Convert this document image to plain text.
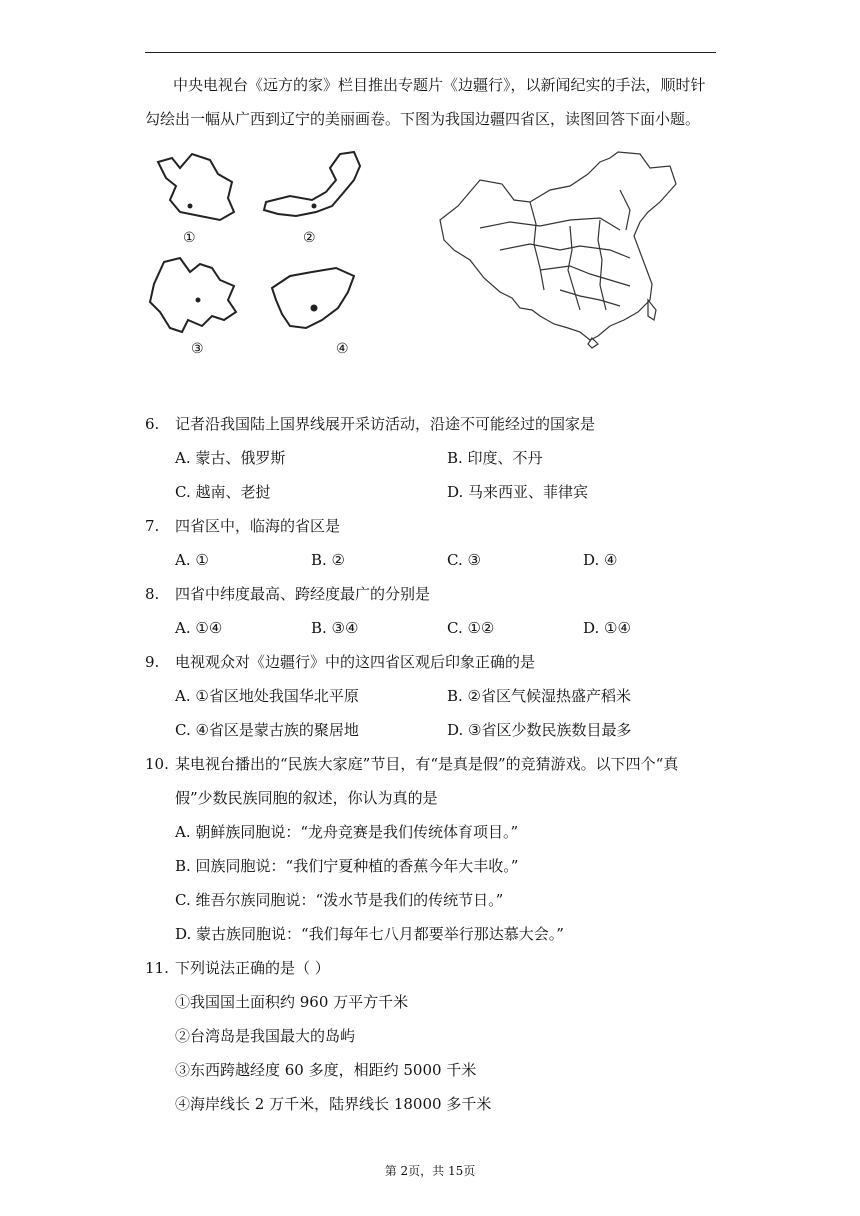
中央电视台《远方的家》栏目推出专题片《边疆行》，以新闻纪实的手法，顺时针勾绘出一幅从广西到辽宁的美丽画卷。下图为我国边疆四省区，读图回答下面小题。
①	②
③	④
6. 记者沿我国陆上国界线展开采访活动，沿途不可能经过的国家是
A. 蒙古、俄罗斯	B. 印度、不丹
C. 越南、老挝	D. 马来西亚、菲律宾
7. 四省区中，临海的省区是
A. ①	B. ②	C. ③	D. ④
8. 四省中纬度最高、跨经度最广的分别是
A. ①④	B. ③④	C. ①②	D. ①④
9. 电视观众对《边疆行》中的这四省区观后印象正确的是
A. ①省区地处我国华北平原	B. ②省区气候湿热盛产稻米
C. ④省区是蒙古族的聚居地	D. ③省区少数民族数目最多
10. 某电视台播出的“民族大家庭”节目，有“是真是假”的竞猜游戏。以下四个“真
假”少数民族同胞的叙述，你认为真的是
A. 朝鲜族同胞说：“龙舟竞赛是我们传统体育项目。”
B. 回族同胞说：“我们宁夏种植的香蕉今年大丰收。”
C. 维吾尔族同胞说：“泼水节是我们的传统节日。”
D. 蒙古族同胞说：“我们每年七八月都要举行那达慕大会。”
11. 下列说法正确的是（ ）
①我国国土面积约 960 万平方千米
②台湾岛是我国最大的岛屿
③东西跨越经度 60 多度，相距约 5000 千米
④海岸线长 2 万千米，陆界线长 18000 多千米
第 2页，共 15页
